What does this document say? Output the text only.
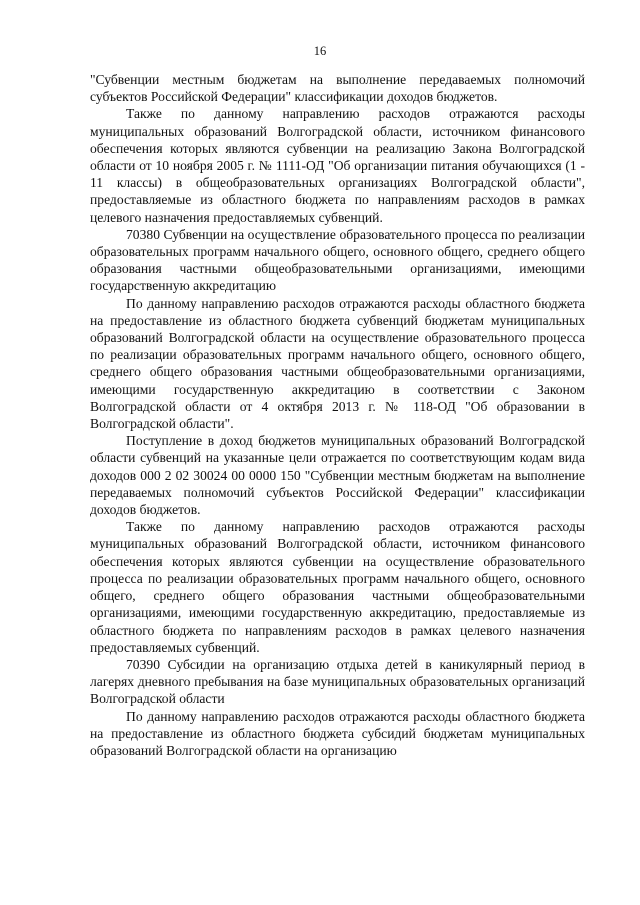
16

"Субвенции местным бюджетам на выполнение передаваемых полномочий субъектов Российской Федерации" классификации доходов бюджетов.

Также по данному направлению расходов отражаются расходы муниципальных образований Волгоградской области, источником финансового обеспечения которых являются субвенции на реализацию Закона Волгоградской области от 10 ноября 2005 г. № 1111-ОД "Об организации питания обучающихся (1 - 11 классы) в общеобразовательных организациях Волгоградской области", предоставляемые из областного бюджета по направлениям расходов в рамках целевого назначения предоставляемых субвенций.

70380 Субвенции на осуществление образовательного процесса по реализации образовательных программ начального общего, основного общего, среднего общего образования частными общеобразовательными организациями, имеющими государственную аккредитацию

По данному направлению расходов отражаются расходы областного бюджета на предоставление из областного бюджета субвенций бюджетам муниципальных образований Волгоградской области на осуществление образовательного процесса по реализации образовательных программ начального общего, основного общего, среднего общего образования частными общеобразовательными организациями, имеющими государственную аккредитацию в соответствии с Законом Волгоградской области от 4 октября 2013 г. № 118-ОД "Об образовании в Волгоградской области".

Поступление в доход бюджетов муниципальных образований Волгоградской области субвенций на указанные цели отражается по соответствующим кодам вида доходов 000 2 02 30024 00 0000 150 "Субвенции местным бюджетам на выполнение передаваемых полномочий субъектов Российской Федерации" классификации доходов бюджетов.

Также по данному направлению расходов отражаются расходы муниципальных образований Волгоградской области, источником финансового обеспечения которых являются субвенции на осуществление образовательного процесса по реализации образовательных программ начального общего, основного общего, среднего общего образования частными общеобразовательными организациями, имеющими государственную аккредитацию, предоставляемые из областного бюджета по направлениям расходов в рамках целевого назначения предоставляемых субвенций.

70390 Субсидии на организацию отдыха детей в каникулярный период в лагерях дневного пребывания на базе муниципальных образовательных организаций Волгоградской области

По данному направлению расходов отражаются расходы областного бюджета на предоставление из областного бюджета субсидий бюджетам муниципальных образований Волгоградской области на организацию
